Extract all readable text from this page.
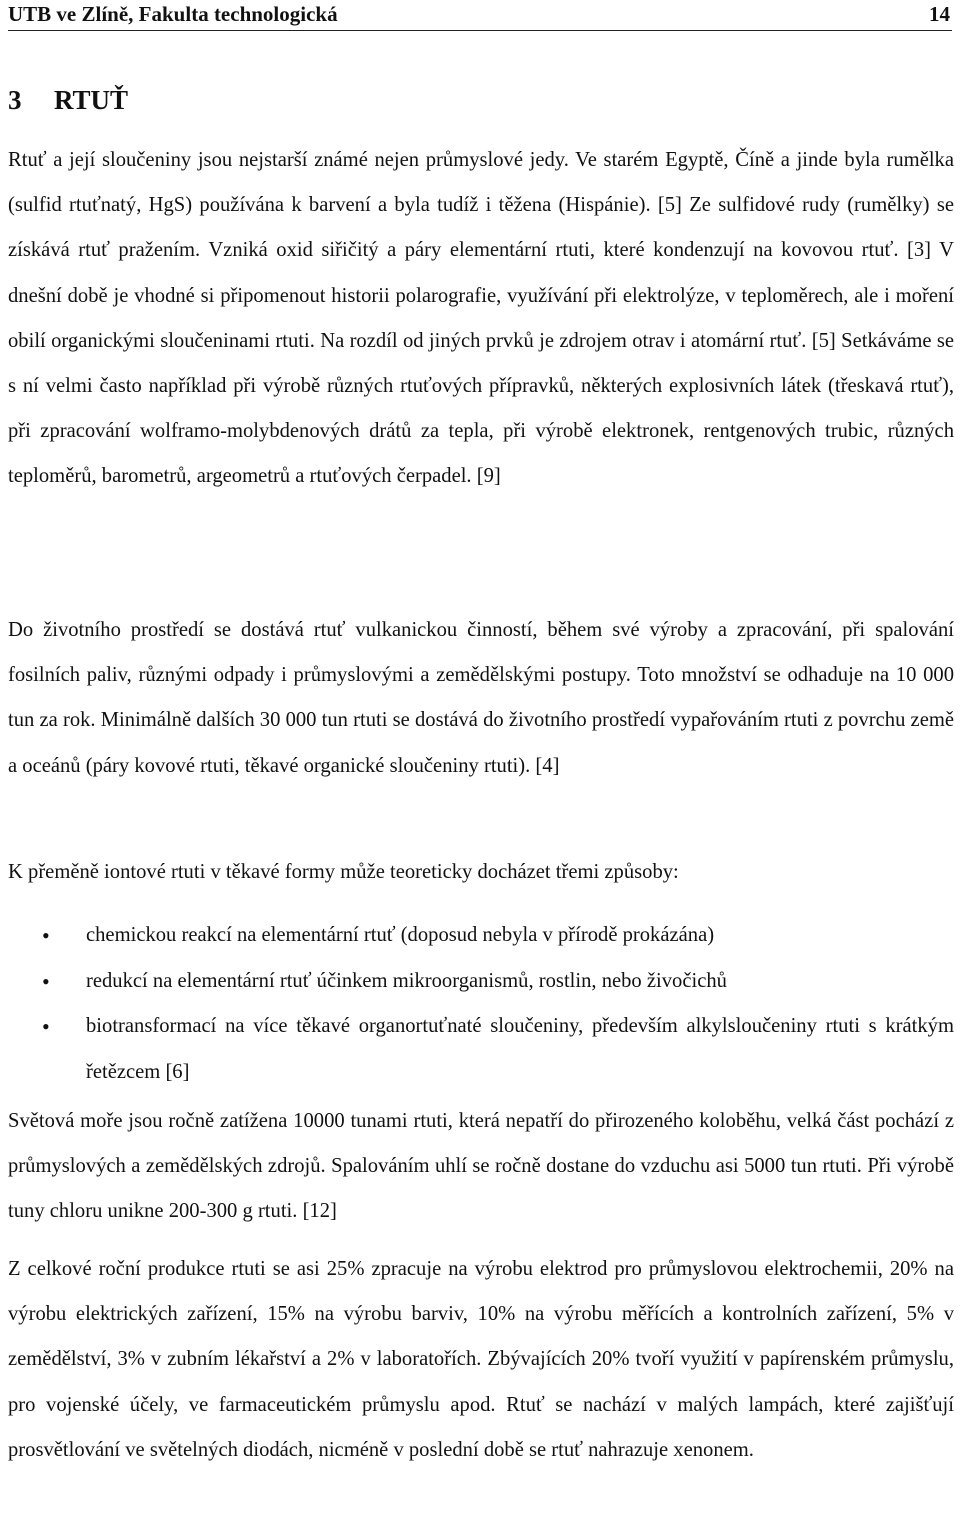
UTB ve Zlíně, Fakulta technologická	14
3 RTUŤ
Rtuť a její sloučeniny jsou nejstarší známé nejen průmyslové jedy. Ve starém Egyptě, Číně a jinde byla rumělka (sulfid rtuťnatý, HgS) používána k barvení a byla tudíž i těžena (Hispánie). [5] Ze sulfidové rudy (rumělky) se získává rtuť pražením. Vzniká oxid siřičitý a páry elementární rtuti, které kondenzují na kovovou rtuť. [3] V dnešní době je vhodné si připomenout historii polarografie, využívání při elektrolýze, v teploměrech, ale i moření obilí organickými sloučeninami rtuti. Na rozdíl od jiných prvků je zdrojem otrav i atomární rtuť. [5] Setkáváme se s ní velmi často například při výrobě různých rtuťových přípravků, některých explosivních látek (třeskavá rtuť), při zpracování wolframo-molybdenových drátů za tepla, při výrobě elektronek, rentgenových trubic, různých teploměrů, barometrů, argeometrů a rtuťových čerpadel. [9]
Do životního prostředí se dostává rtuť vulkanickou činností, během své výroby a zpracování, při spalování fosilních paliv, různými odpady i průmyslovými a zemědělskými postupy. Toto množství se odhaduje na 10 000 tun za rok. Minimálně dalších 30 000 tun rtuti se dostává do životního prostředí vypařováním rtuti z povrchu země a oceánů (páry kovové rtuti, těkavé organické sloučeniny rtuti). [4]
K přeměně iontové rtuti v těkavé formy může teoreticky docházet třemi způsoby:
• chemickou reakcí na elementární rtuť (doposud nebyla v přírodě prokázána)
• redukcí na elementární rtuť účinkem mikroorganismů, rostlin, nebo živočichů
• biotransformací na více těkavé organortuťnaté sloučeniny, především alkylsloučeniny rtuti s krátkým řetězcem [6]
Světová moře jsou ročně zatížena 10000 tunami rtuti, která nepatří do přirozeného koloběhu, velká část pochází z průmyslových a zemědělských zdrojů. Spalováním uhlí se ročně dostane do vzduchu asi 5000 tun rtuti. Při výrobě tuny chloru unikne 200-300 g rtuti. [12]
Z celkové roční produkce rtuti se asi 25% zpracuje na výrobu elektrod pro průmyslovou elektrochemii, 20% na výrobu elektrických zařízení, 15% na výrobu barviv, 10% na výrobu měřících a kontrolních zařízení, 5% v zemědělství, 3% v zubním lékařství a 2% v laboratořích. Zbývajících 20% tvoří využití v papírenském průmyslu, pro vojenské účely, ve farmaceutickém průmyslu apod. Rtuť se nachází v malých lampách, které zajišťují prosvětlování ve světelných diodách, nicméně v poslední době se rtuť nahrazuje xenonem.
